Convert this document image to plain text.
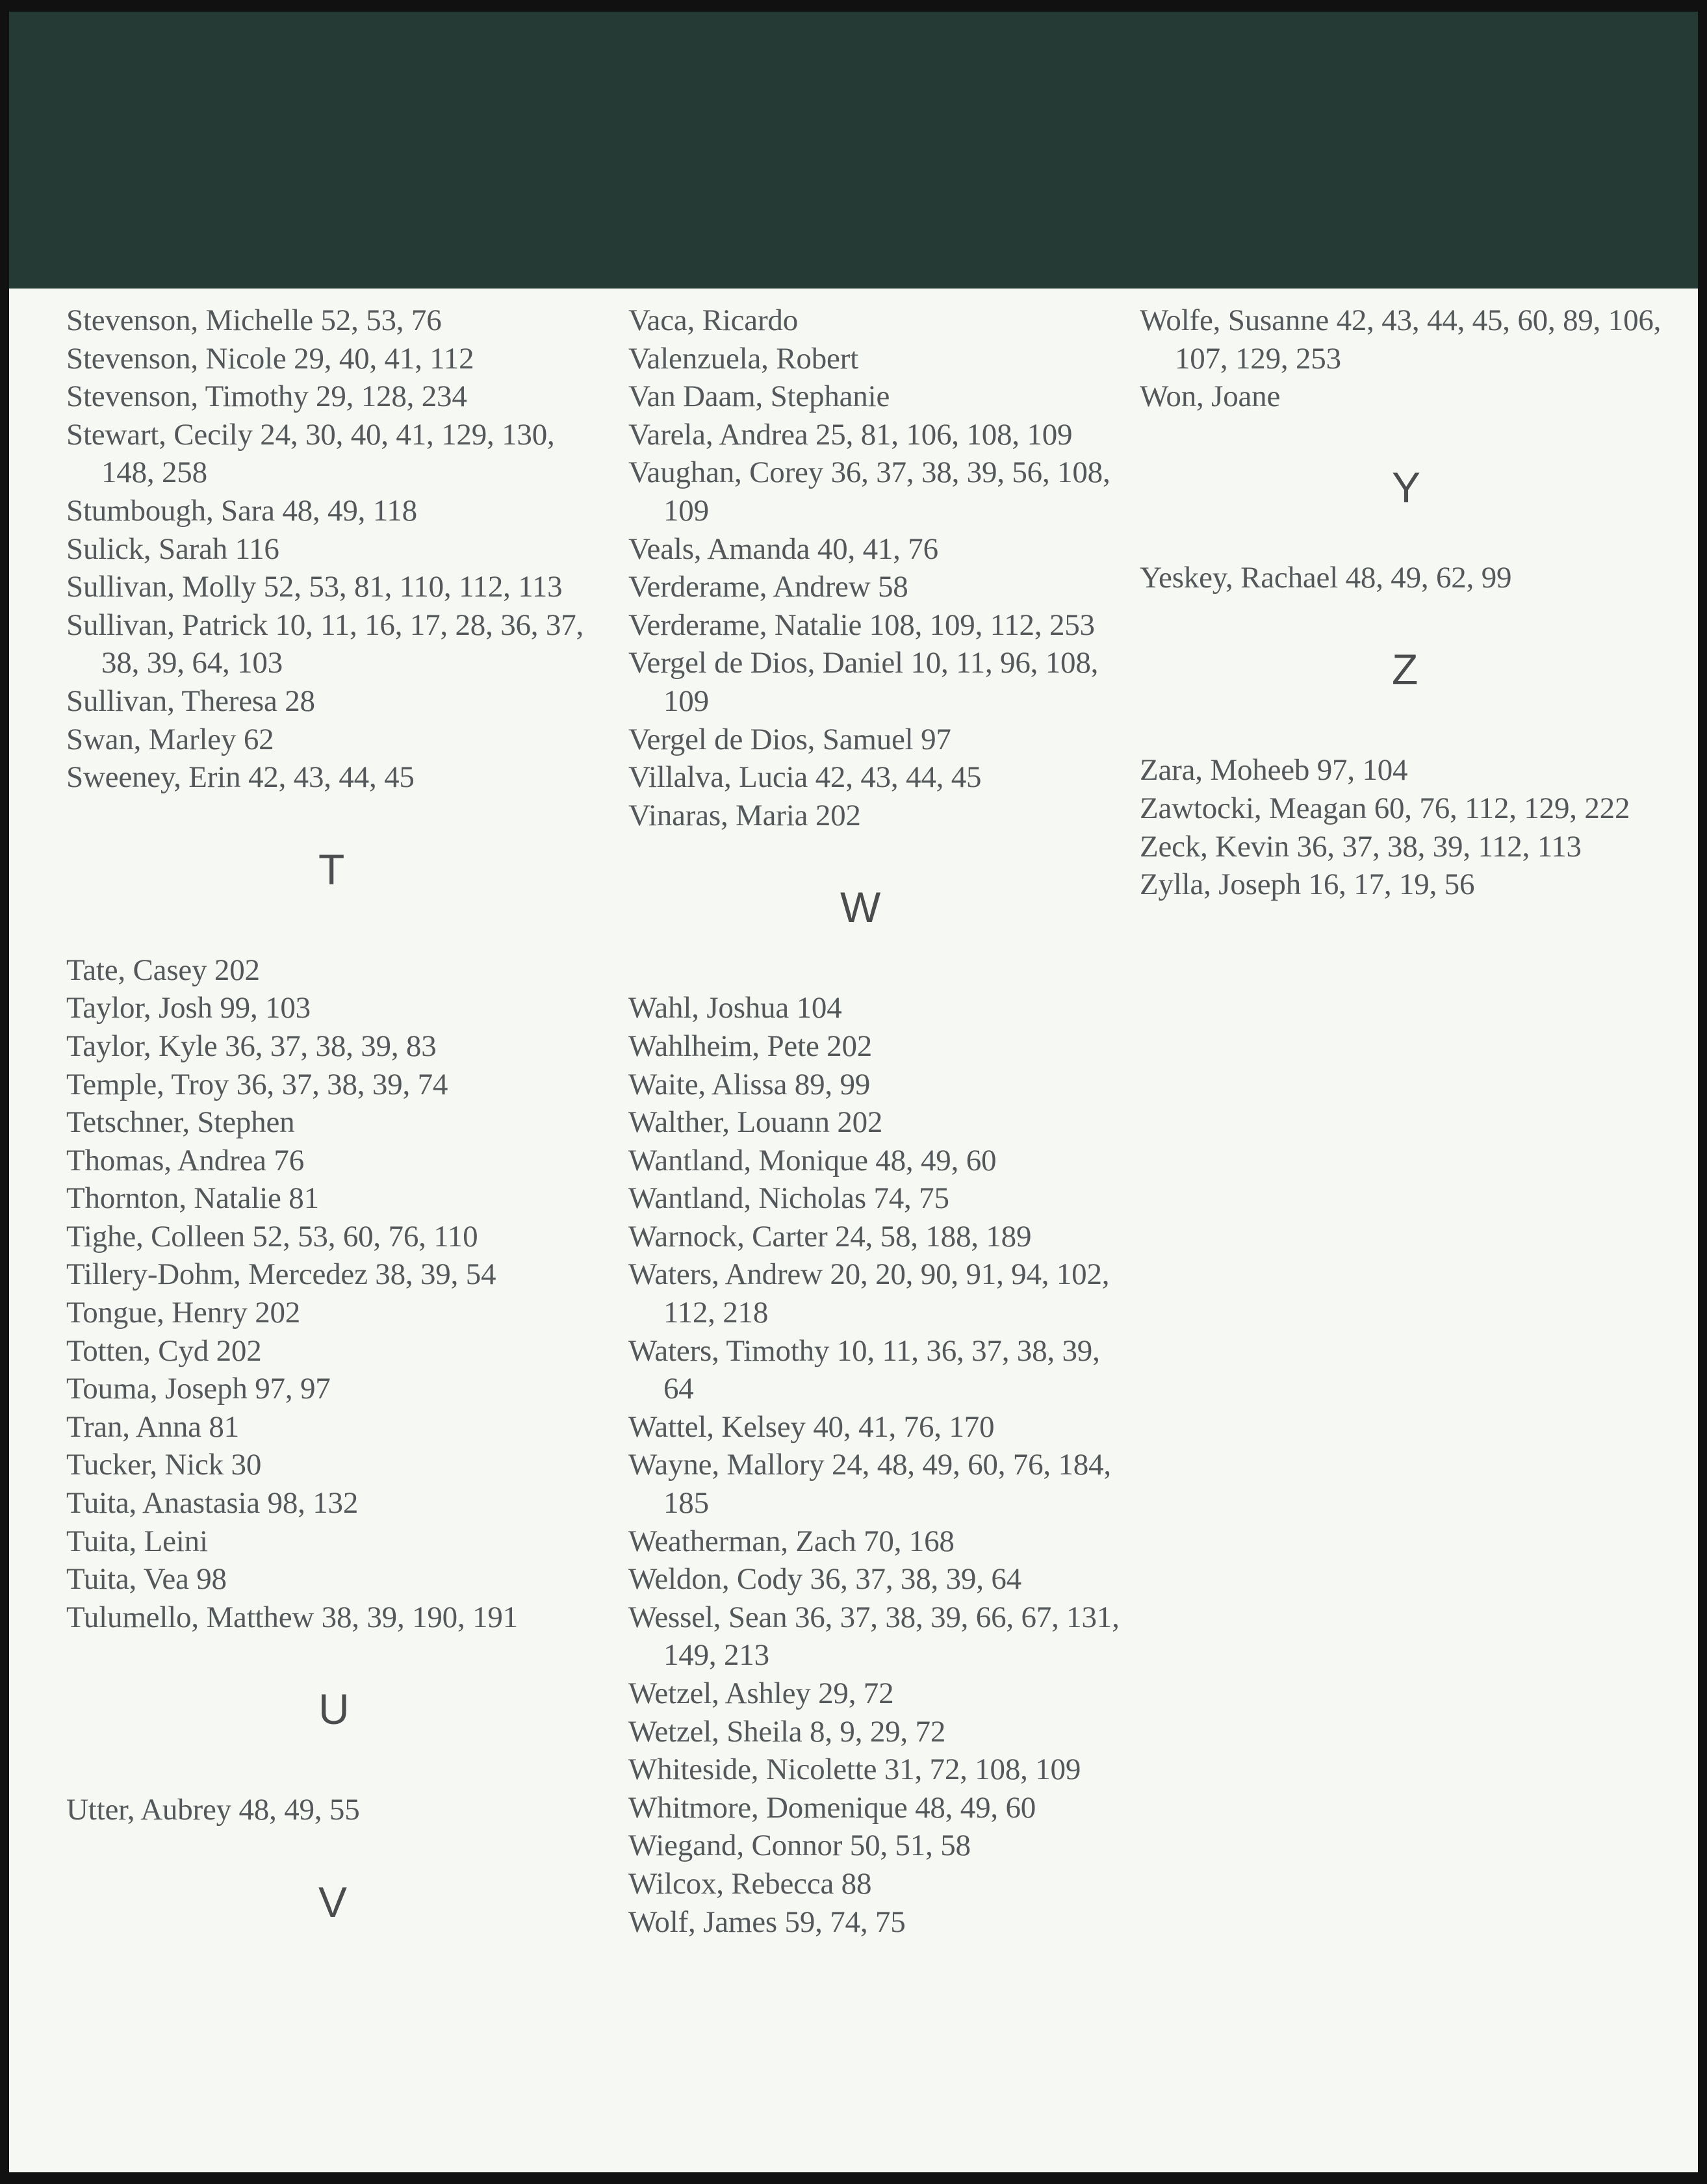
Stevenson, Michelle 52, 53, 76
Stevenson, Nicole 29, 40, 41, 112
Stevenson, Timothy 29, 128, 234
Stewart, Cecily 24, 30, 40, 41, 129, 130, 148, 258
Stumbough, Sara 48, 49, 118
Sulick, Sarah 116
Sullivan, Molly 52, 53, 81, 110, 112, 113
Sullivan, Patrick 10, 11, 16, 17, 28, 36, 37, 38, 39, 64, 103
Sullivan, Theresa 28
Swan, Marley 62
Sweeney, Erin 42, 43, 44, 45
T
Tate, Casey 202
Taylor, Josh 99, 103
Taylor, Kyle 36, 37, 38, 39, 83
Temple, Troy 36, 37, 38, 39, 74
Tetschner, Stephen
Thomas, Andrea 76
Thornton, Natalie 81
Tighe, Colleen 52, 53, 60, 76, 110
Tillery-Dohm, Mercedez 38, 39, 54
Tongue, Henry 202
Totten, Cyd 202
Touma, Joseph 97, 97
Tran, Anna 81
Tucker, Nick 30
Tuita, Anastasia 98, 132
Tuita, Leini
Tuita, Vea 98
Tulumello, Matthew 38, 39, 190, 191
U
Utter, Aubrey 48, 49, 55
V
Vaca, Ricardo
Valenzuela, Robert
Van Daam, Stephanie
Varela, Andrea 25, 81, 106, 108, 109
Vaughan, Corey 36, 37, 38, 39, 56, 108, 109
Veals, Amanda 40, 41, 76
Verderame, Andrew 58
Verderame, Natalie 108, 109, 112, 253
Vergel de Dios, Daniel 10, 11, 96, 108, 109
Vergel de Dios, Samuel 97
Villalva, Lucia 42, 43, 44, 45
Vinaras, Maria 202
W
Wahl, Joshua 104
Wahlheim, Pete 202
Waite, Alissa 89, 99
Walther, Louann 202
Wantland, Monique 48, 49, 60
Wantland, Nicholas 74, 75
Warnock, Carter 24, 58, 188, 189
Waters, Andrew 20, 20, 90, 91, 94, 102, 112, 218
Waters, Timothy 10, 11, 36, 37, 38, 39, 64
Wattel, Kelsey 40, 41, 76, 170
Wayne, Mallory 24, 48, 49, 60, 76, 184, 185
Weatherman, Zach 70, 168
Weldon, Cody 36, 37, 38, 39, 64
Wessel, Sean 36, 37, 38, 39, 66, 67, 131, 149, 213
Wetzel, Ashley 29, 72
Wetzel, Sheila 8, 9, 29, 72
Whiteside, Nicolette 31, 72, 108, 109
Whitmore, Domenique 48, 49, 60
Wiegand, Connor 50, 51, 58
Wilcox, Rebecca 88
Wolf, James 59, 74, 75
Wolfe, Susanne 42, 43, 44, 45, 60, 89, 106, 107, 129, 253
Won, Joane
Y
Yeskey, Rachael 48, 49, 62, 99
Z
Zara, Moheeb 97, 104
Zawtocki, Meagan 60, 76, 112, 129, 222
Zeck, Kevin 36, 37, 38, 39, 112, 113
Zylla, Joseph 16, 17, 19, 56
